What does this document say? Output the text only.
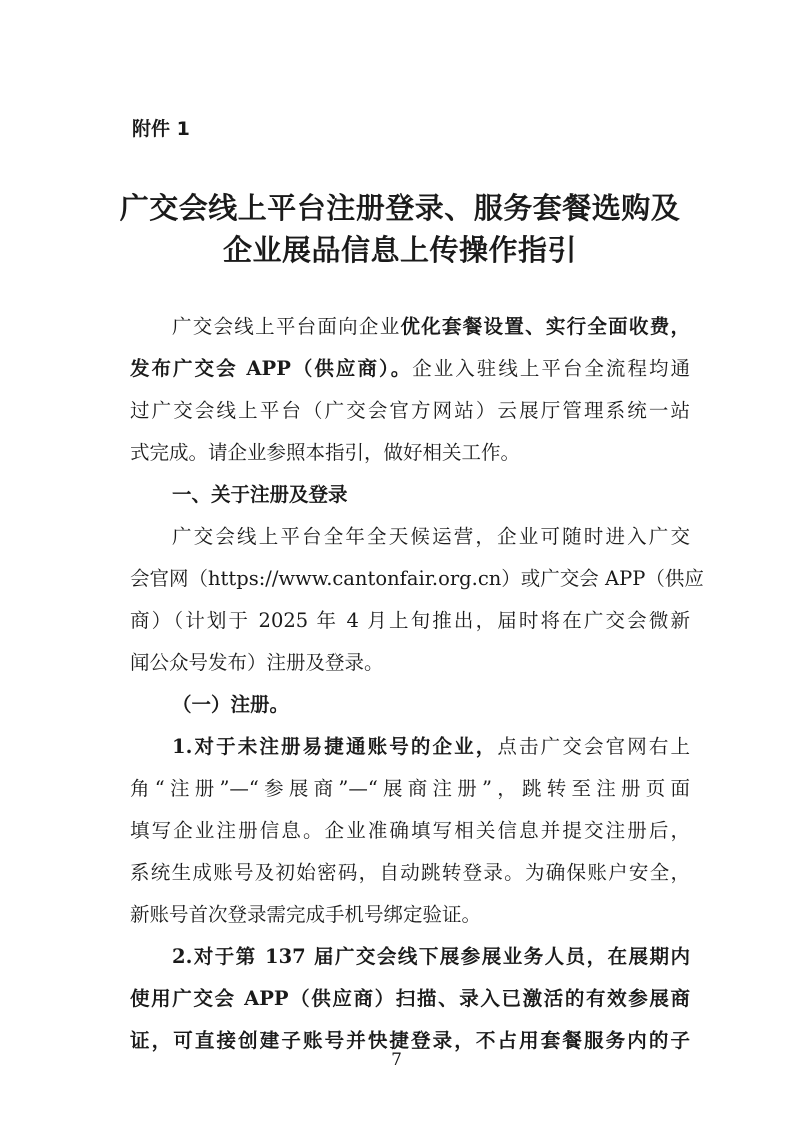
附件 1
广交会线上平台注册登录、服务套餐选购及
企业展品信息上传操作指引
广交会线上平台面向企业优化套餐设置、实行全面收费，
发布广交会 APP（供应商）。企业入驻线上平台全流程均通
过广交会线上平台（广交会官方网站）云展厅管理系统一站
式完成。请企业参照本指引，做好相关工作。
一、关于注册及登录
广交会线上平台全年全天候运营，企业可随时进入广交
会官网（https://www.cantonfair.org.cn）或广交会 APP（供应
商）（计划于 2025 年 4 月上旬推出，届时将在广交会微新
闻公众号发布）注册及登录。
（一）注册。
1.对于未注册易捷通账号的企业，点击广交会官网右上
角“注册”—“参展商”—“展商注册”，跳转至注册页面
填写企业注册信息。企业准确填写相关信息并提交注册后，
系统生成账号及初始密码，自动跳转登录。为确保账户安全，
新账号首次登录需完成手机号绑定验证。
2.对于第 137 届广交会线下展参展业务人员，在展期内
使用广交会 APP（供应商）扫描、录入已激活的有效参展商
证，可直接创建子账号并快捷登录，不占用套餐服务内的子
7
